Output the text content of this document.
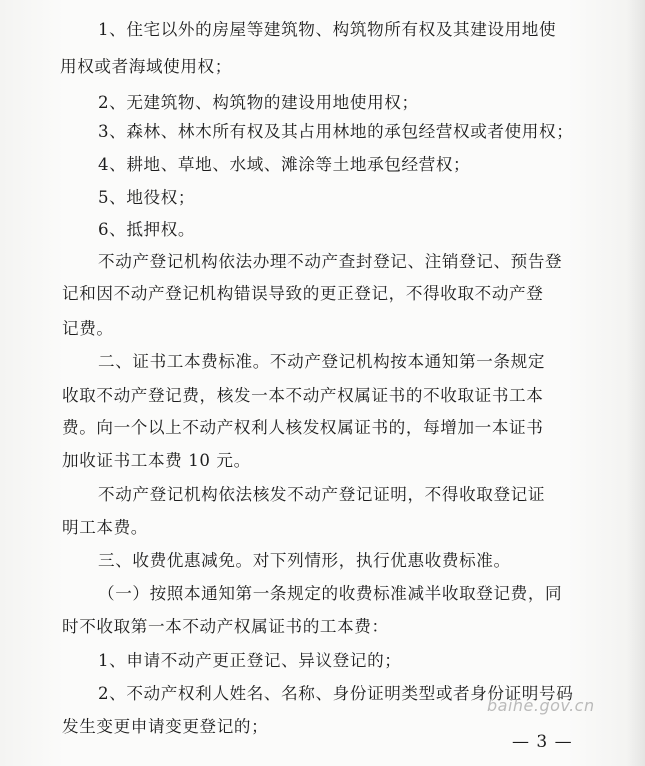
1、住宅以外的房屋等建筑物、构筑物所有权及其建设用地使
用权或者海域使用权；
2、无建筑物、构筑物的建设用地使用权；
3、森林、林木所有权及其占用林地的承包经营权或者使用权；
4、耕地、草地、水域、滩涂等土地承包经营权；
5、地役权；
6、抵押权。
不动产登记机构依法办理不动产查封登记、注销登记、预告登
记和因不动产登记机构错误导致的更正登记，不得收取不动产登
记费。
二、证书工本费标准。不动产登记机构按本通知第一条规定
收取不动产登记费，核发一本不动产权属证书的不收取证书工本
费。向一个以上不动产权利人核发权属证书的，每增加一本证书
加收证书工本费 10 元。
不动产登记机构依法核发不动产登记证明，不得收取登记证
明工本费。
三、收费优惠减免。对下列情形，执行优惠收费标准。
（一）按照本通知第一条规定的收费标准减半收取登记费，同
时不收取第一本不动产权属证书的工本费：
1、申请不动产更正登记、异议登记的；
2、不动产权利人姓名、名称、身份证明类型或者身份证明号码
发生变更申请变更登记的；
baihe.gov.cn
— 3 —
